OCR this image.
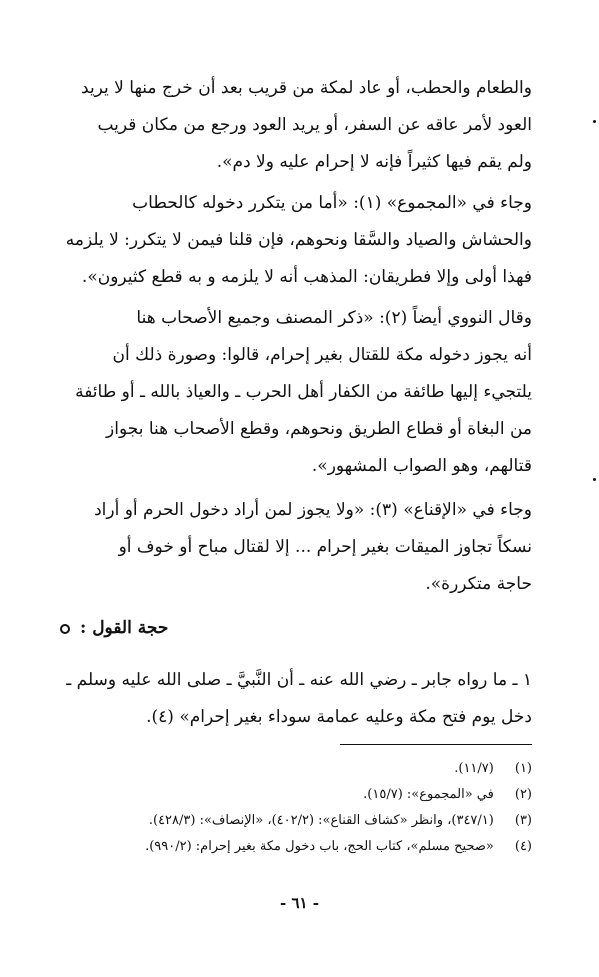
والطعام والحطب، أو عاد لمكة من قريب بعد أن خرج منها لا يريد
العود لأمر عاقه عن السفر، أو يريد العود ورجع من مكان قريب
ولم يقم فيها كثيراً فإنه لا إحرام عليه ولا دم».
وجاء في «المجموع» (١): «أما من يتكرر دخوله كالحطاب
والحشاش والصياد والسَّقا ونحوهم، فإن قلنا فيمن لا يتكرر: لا يلزمه
فهذا أولى وإلا فطريقان: المذهب أنه لا يلزمه و به قطع كثيرون».
وقال النووي أيضاً (٢): «ذكر المصنف وجميع الأصحاب هنا
أنه يجوز دخوله مكة للقتال بغير إحرام، قالوا: وصورة ذلك أن
يلتجيء إليها طائفة من الكفار أهل الحرب ـ والعياذ بالله ـ أو طائفة
من البغاة أو قطاع الطريق ونحوهم، وقطع الأصحاب هنا بجواز
قتالهم، وهو الصواب المشهور».
وجاء في «الإقناع» (٣): «ولا يجوز لمن أراد دخول الحرم أو أراد
نسكاً تجاوز الميقات بغير إحرام ... إلا لقتال مباح أو خوف أو
حاجة متكررة».
حجة القول :
١ ـ ما رواه جابر ـ رضي الله عنه ـ أن النَّبيَّ ـ صلى الله عليه وسلم ـ
دخل يوم فتح مكة وعليه عمامة سوداء بغير إحرام» (٤).
(١) (١١/٧).
(٢) في «المجموع»: (١٥/٧).
(٣) (٣٤٧/١)، وانظر «كشاف القناع»: (٤٠٢/٢)، «الإنصاف»: (٤٢٨/٣).
(٤) «صحيح مسلم»، كتاب الحج، باب دخول مكة بغير إحرام: (٩٩٠/٢).
- ٦١ -
